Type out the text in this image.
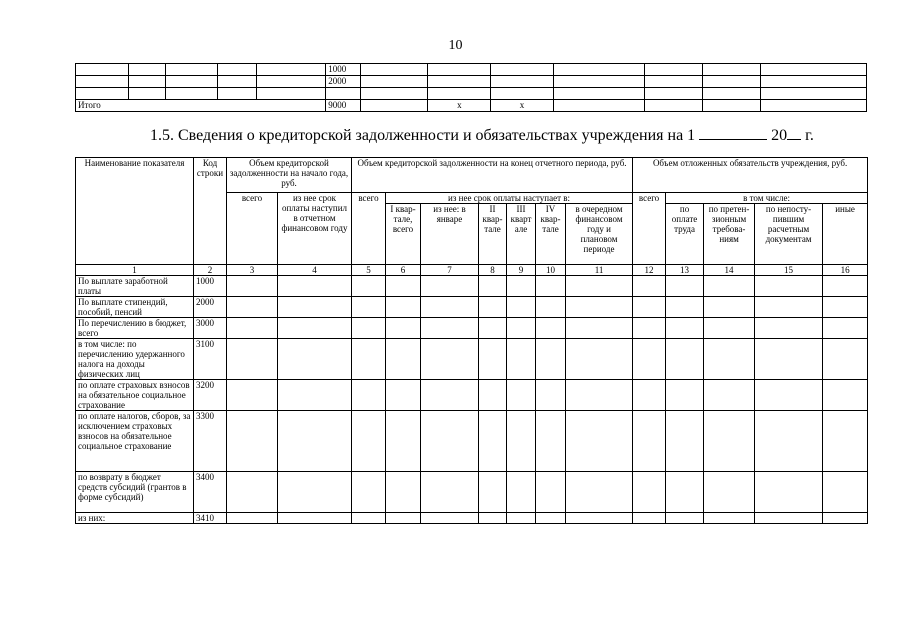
10
					1000							
					2000							

Итого					9000		x	x				
1.5. Сведения о кредиторской задолженности и обязательствах учреждения на 1	20 г.
Наименование показателя	Код строки	Объем кредиторской задолженности на начало года, руб.		Объем кредиторской задолженности на конец отчетного периода, руб.							Объем отложенных обязательств учреждения, руб.				
		всего	из нее срок оплаты наступил в отчетном финансовом году	всего	из нее срок оплаты наступает в:						всего	в том числе:			
					I квар-тале, всего	из нее: в январе	II квар-тале	III кварт але	IV квар-тале	в очередном финансовом году и плановом периоде		по оплате труда	по претен-зионным требова-ниям	по непосту-пившим расчетным документам	иные
1	2	3	4	5	6	7	8	9	10	11	12	13	14	15	16
По выплате заработной платы	1000														
По выплате стипендий, пособий, пенсий	2000														
По перечислению в бюджет, всего	3000														
в том числе: по перечислению удержанного налога на доходы физических лиц	3100														
по оплате страховых взносов на обязательное социальное страхование	3200														
по оплате налогов, сборов, за исключением страховых взносов на обязательное социальное страхование	3300														
по возврату в бюджет средств субсидий (грантов в форме субсидий)	3400														
из них:	3410														
